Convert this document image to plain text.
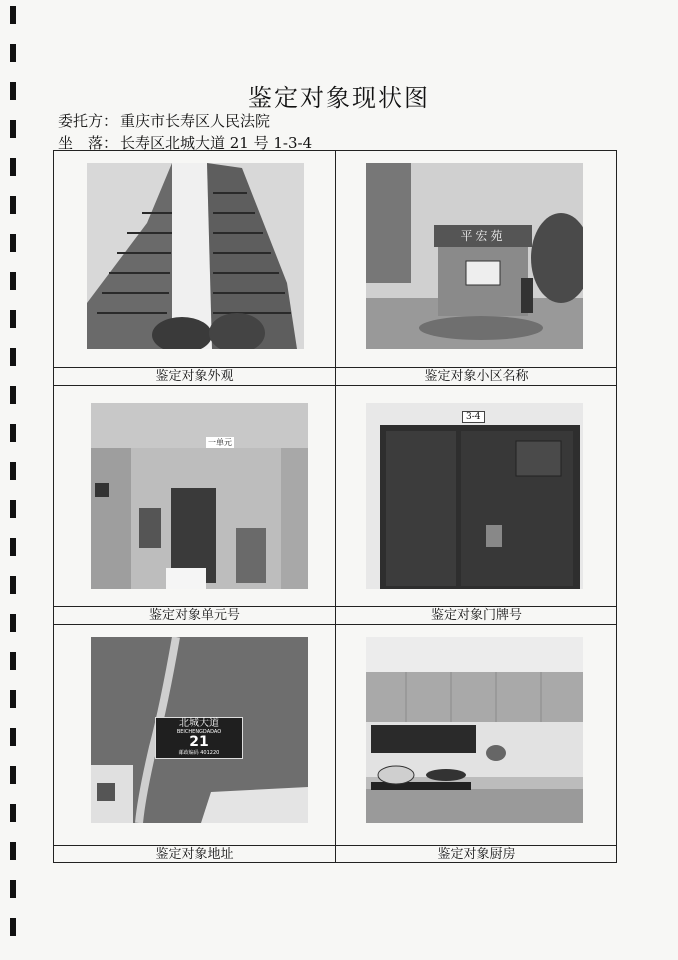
鉴定对象现状图
委托方： 重庆市长寿区人民法院
坐　落： 长寿区北城大道 21 号 1-3-4
平宏苑
鉴定对象外观	鉴定对象小区名称
一单元
3-4
鉴定对象单元号	鉴定对象门牌号
北城大道
BEICHENGDADAO
21
邮政编码 401220
鉴定对象地址	鉴定对象厨房
